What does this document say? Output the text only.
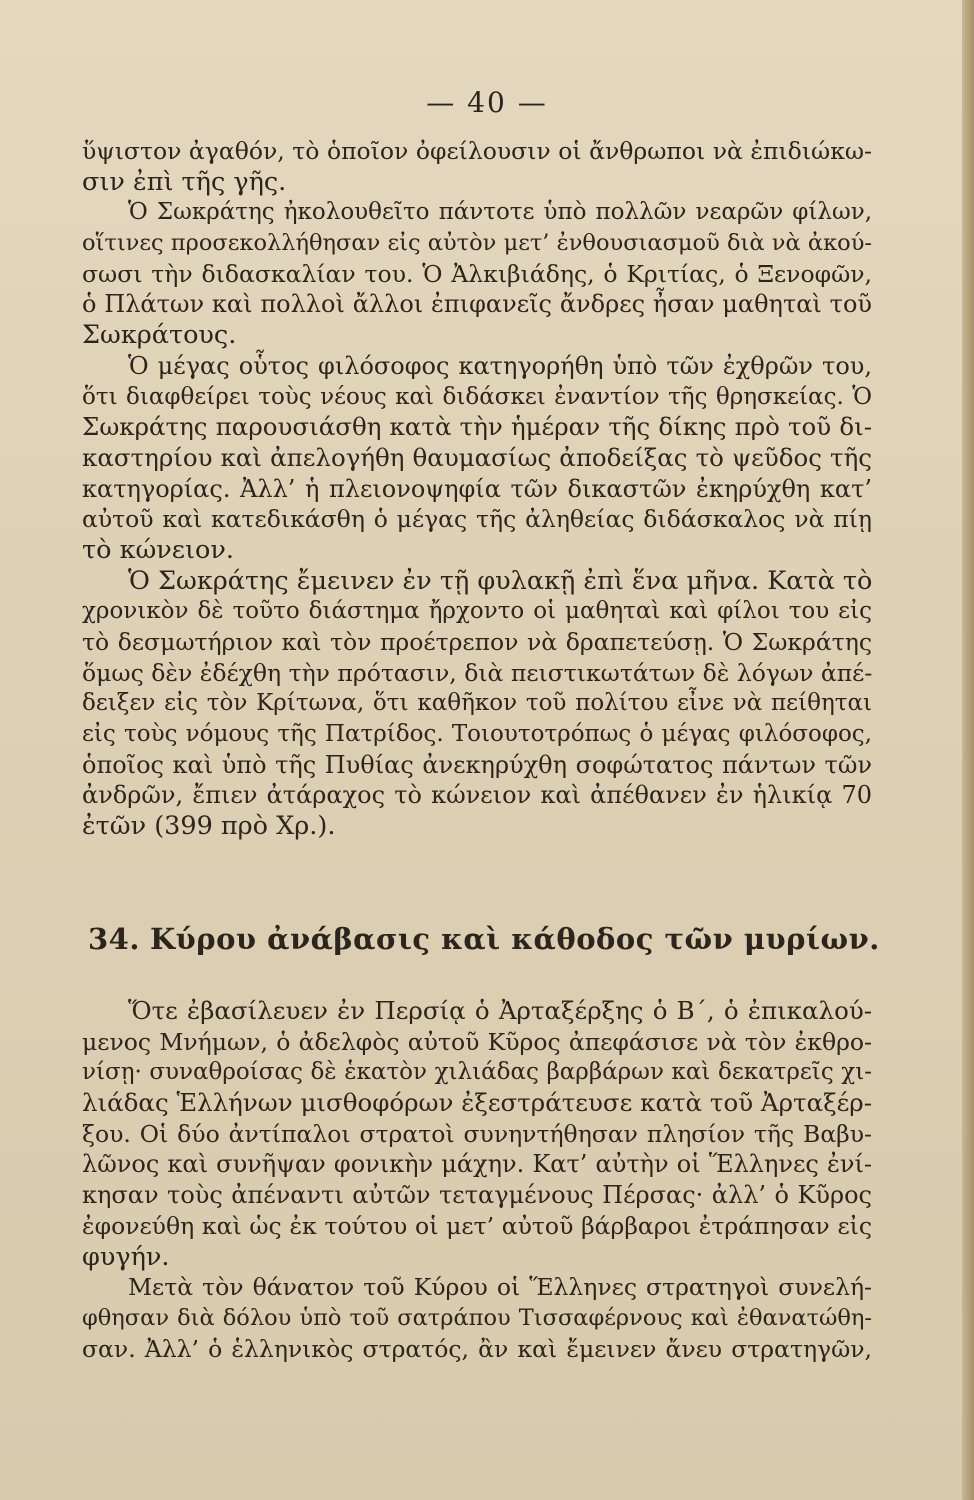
— 40 —
ὕψιστον ἀγαθόν, τὸ ὁποῖον ὀφείλουσιν οἱ ἄνθρωποι νὰ ἐπιδιώκω-
σιν ἐπὶ τῆς γῆς.
Ὁ Σωκράτης ἠκολουθεῖτο πάντοτε ὑπὸ πολλῶν νεαρῶν φίλων,
οἵτινες προσεκολλήθησαν εἰς αὐτὸν μετ’ ἐνθουσιασμοῦ διὰ νὰ ἀκού-
σωσι τὴν διδασκαλίαν του. Ὁ Ἀλκιβιάδης, ὁ Κριτίας, ὁ Ξενοφῶν,
ὁ Πλάτων καὶ πολλοὶ ἄλλοι ἐπιφανεῖς ἄνδρες ἦσαν μαθηταὶ τοῦ
Σωκράτους.
Ὁ μέγας οὗτος φιλόσοφος κατηγορήθη ὑπὸ τῶν ἐχθρῶν του,
ὅτι διαφθείρει τοὺς νέους καὶ διδάσκει ἐναντίον τῆς θρησκείας. Ὁ
Σωκράτης παρουσιάσθη κατὰ τὴν ἡμέραν τῆς δίκης πρὸ τοῦ δι-
καστηρίου καὶ ἀπελογήθη θαυμασίως ἀποδείξας τὸ ψεῦδος τῆς
κατηγορίας. Ἀλλ’ ἡ πλειονοψηφία τῶν δικαστῶν ἐκηρύχθη κατ’
αὐτοῦ καὶ κατεδικάσθη ὁ μέγας τῆς ἀληθείας διδάσκαλος νὰ πίῃ
τὸ κώνειον.
Ὁ Σωκράτης ἔμεινεν ἐν τῇ φυλακῇ ἐπὶ ἕνα μῆνα. Κατὰ τὸ
χρονικὸν δὲ τοῦτο διάστημα ἤρχοντο οἱ μαθηταὶ καὶ φίλοι του εἰς
τὸ δεσμωτήριον καὶ τὸν προέτρεπον νὰ δραπετεύσῃ. Ὁ Σωκράτης
ὅμως δὲν ἐδέχθη τὴν πρότασιν, διὰ πειστικωτάτων δὲ λόγων ἀπέ-
δειξεν εἰς τὸν Κρίτωνα, ὅτι καθῆκον τοῦ πολίτου εἶνε νὰ πείθηται
εἰς τοὺς νόμους τῆς Πατρίδος. Τοιουτοτρόπως ὁ μέγας φιλόσοφος,
ὁποῖος καὶ ὑπὸ τῆς Πυθίας ἀνεκηρύχθη σοφώτατος πάντων τῶν
ἀνδρῶν, ἔπιεν ἀτάραχος τὸ κώνειον καὶ ἀπέθανεν ἐν ἡλικίᾳ 70
ἐτῶν (399 πρὸ Χρ.).
34. Κύρου ἀνάβασις καὶ κάθοδος τῶν μυρίων.
Ὅτε ἐβασίλευεν ἐν Περσίᾳ ὁ Ἀρταξέρξης ὁ Β΄, ὁ ἐπικαλού-
μενος Μνήμων, ὁ ἀδελφὸς αὐτοῦ Κῦρος ἀπεφάσισε νὰ τὸν ἐκθρο-
νίσῃ· συναθροίσας δὲ ἑκατὸν χιλιάδας βαρβάρων καὶ δεκατρεῖς χι-
λιάδας Ἑλλήνων μισθοφόρων ἐξεστράτευσε κατὰ τοῦ Ἀρταξέρ-
ξου. Οἱ δύο ἀντίπαλοι στρατοὶ συνηντήθησαν πλησίον τῆς Βαβυ-
λῶνος καὶ συνῆψαν φονικὴν μάχην. Κατ’ αὐτὴν οἱ Ἕλληνες ἐνί-
κησαν τοὺς ἀπέναντι αὐτῶν τεταγμένους Πέρσας· ἀλλ’ ὁ Κῦρος
ἐφονεύθη καὶ ὡς ἐκ τούτου οἱ μετ’ αὐτοῦ βάρβαροι ἐτράπησαν εἰς
φυγήν.
Μετὰ τὸν θάνατον τοῦ Κύρου οἱ Ἕλληνες στρατηγοὶ συνελή-
φθησαν διὰ δόλου ὑπὸ τοῦ σατράπου Τισσαφέρνους καὶ ἐθανατώθη-
σαν. Ἀλλ’ ὁ ἑλληνικὸς στρατός, ἂν καὶ ἔμεινεν ἄνευ στρατηγῶν,
